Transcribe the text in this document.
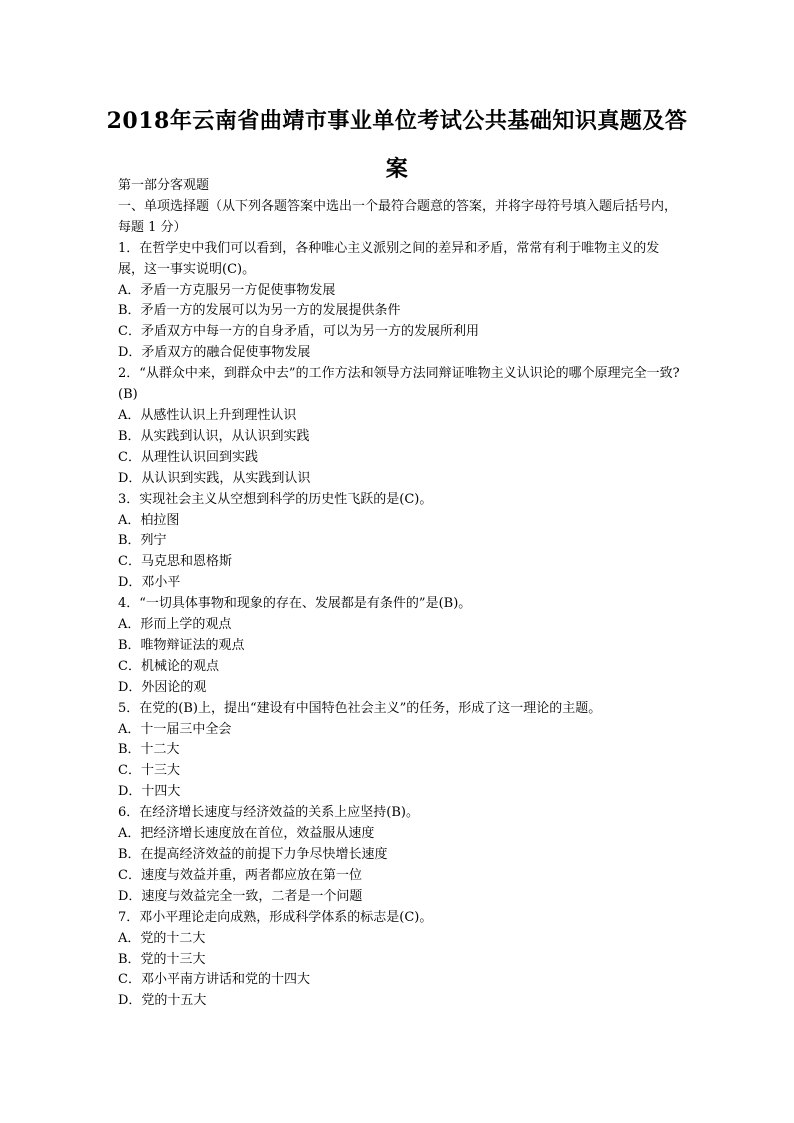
2018年云南省曲靖市事业单位考试公共基础知识真题及答案

第一部分客观题

一、单项选择题（从下列各题答案中选出一个最符合题意的答案，并将字母符号填入题后括号内，每题 1 分）

1．在哲学史中我们可以看到，各种唯心主义派别之间的差异和矛盾，常常有利于唯物主义的发展，这一事实说明(C)。

A．矛盾一方克服另一方促使事物发展

B．矛盾一方的发展可以为另一方的发展提供条件

C．矛盾双方中每一方的自身矛盾，可以为另一方的发展所利用

D．矛盾双方的融合促使事物发展

2．“从群众中来，到群众中去”的工作方法和领导方法同辩证唯物主义认识论的哪个原理完全一致?(B)

A．从感性认识上升到理性认识

B．从实践到认识，从认识到实践

C．从理性认识回到实践

D．从认识到实践，从实践到认识

3．实现社会主义从空想到科学的历史性飞跃的是(C)。

A．柏拉图

B．列宁

C．马克思和恩格斯

D．邓小平

4．“一切具体事物和现象的存在、发展都是有条件的”是(B)。

A．形而上学的观点

B．唯物辩证法的观点

C．机械论的观点

D．外因论的观

5．在党的(B)上，提出“建设有中国特色社会主义”的任务，形成了这一理论的主题。

A．十一届三中全会

B．十二大

C．十三大

D．十四大

6．在经济增长速度与经济效益的关系上应坚持(B)。

A．把经济增长速度放在首位，效益服从速度

B．在提高经济效益的前提下力争尽快增长速度

C．速度与效益并重，两者都应放在第一位

D．速度与效益完全一致，二者是一个问题

7．邓小平理论走向成熟，形成科学体系的标志是(C)。

A．党的十二大

B．党的十三大

C．邓小平南方讲话和党的十四大

D．党的十五大
